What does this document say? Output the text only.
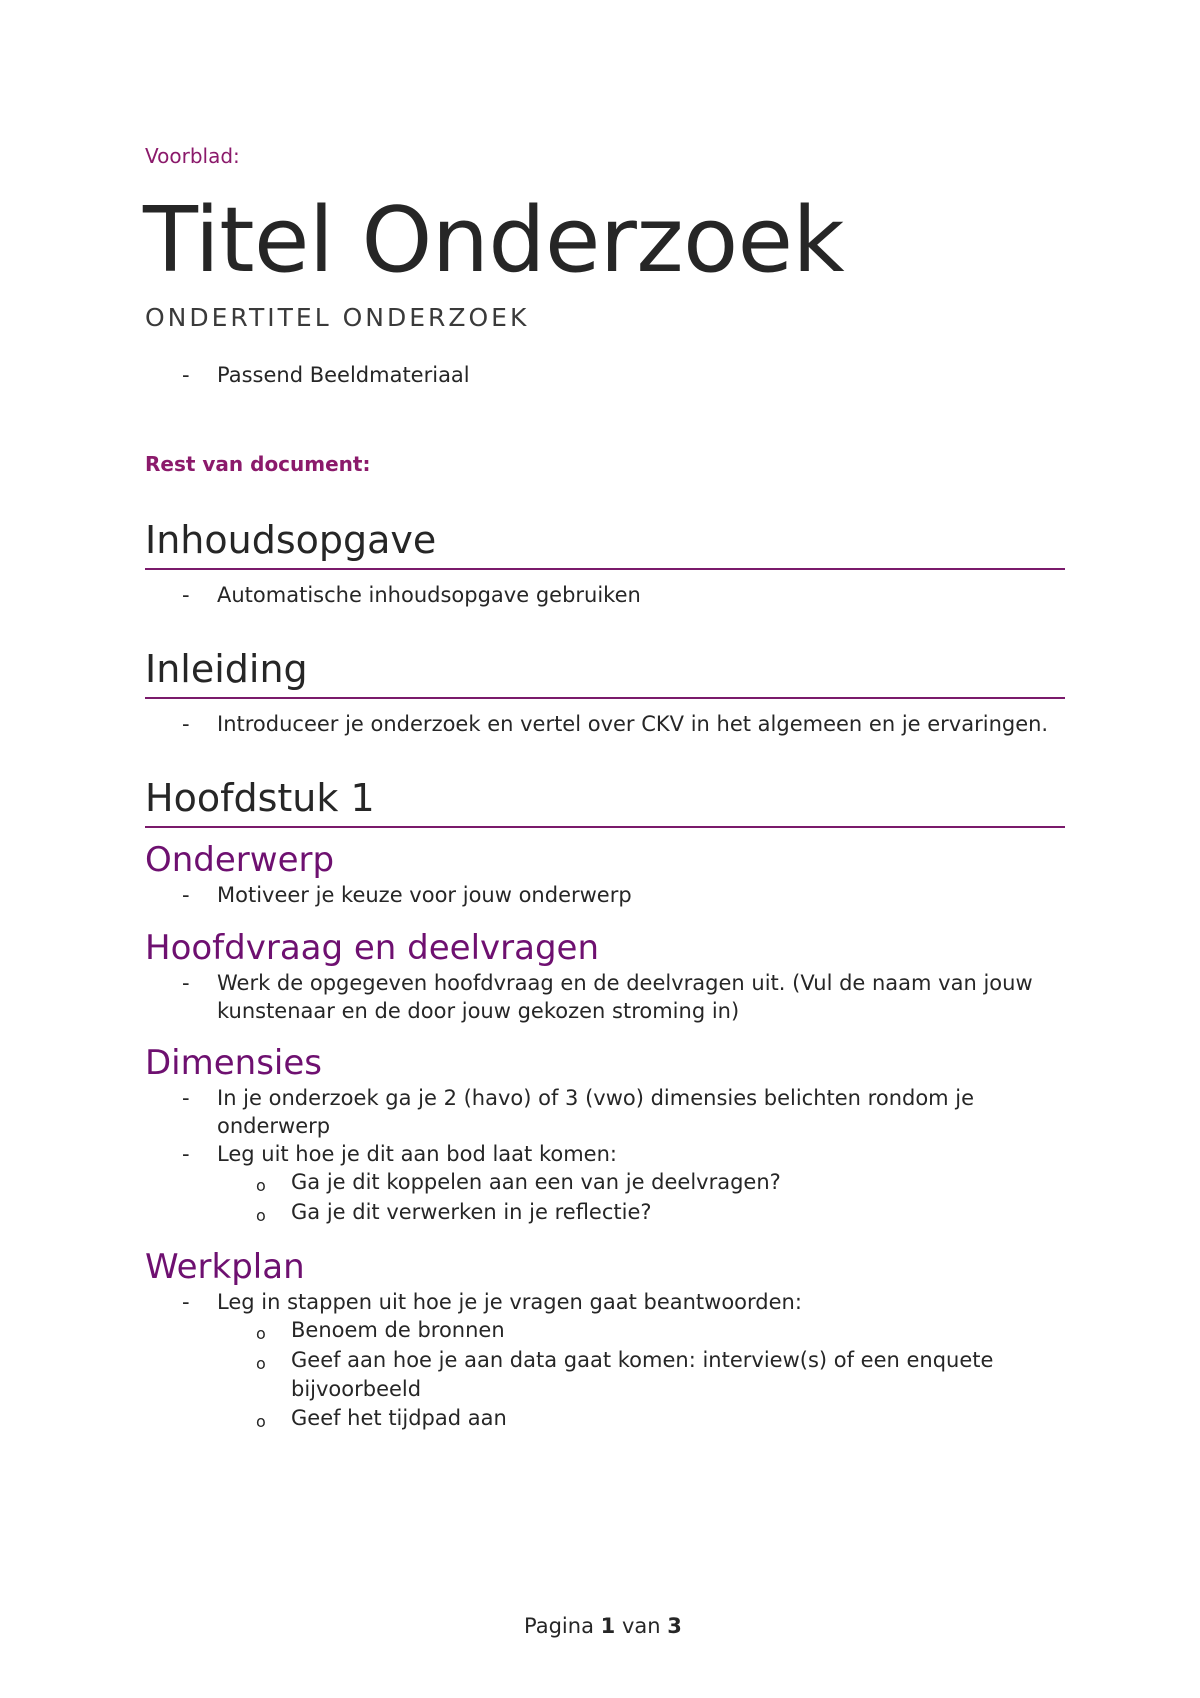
Voorblad:

Titel Onderzoek

ONDERTITEL ONDERZOEK

- Passend Beeldmateriaal

Rest van document:

Inhoudsopgave

- Automatische inhoudsopgave gebruiken

Inleiding

- Introduceer je onderzoek en vertel over CKV in het algemeen en je ervaringen.

Hoofdstuk 1
Onderwerp

- Motiveer je keuze voor jouw onderwerp

Hoofdvraag en deelvragen

- Werk de opgegeven hoofdvraag en de deelvragen uit. (Vul de naam van jouw

kunstenaar en de door jouw gekozen stroming in)

Dimensies

- In je onderzoek ga je 2 (havo) of 3 (vwo) dimensies belichten rondom je

onderwerp

- Leg uit hoe je dit aan bod laat komen:

o Ga je dit koppelen aan een van je deelvragen?

o Ga je dit verwerken in je reflectie?

Werkplan

- Leg in stappen uit hoe je je vragen gaat beantwoorden:

o Benoem de bronnen

o Geef aan hoe je aan data gaat komen: interview(s) of een enquete

bijvoorbeeld

o Geef het tijdpad aan

Pagina 1 van 3
